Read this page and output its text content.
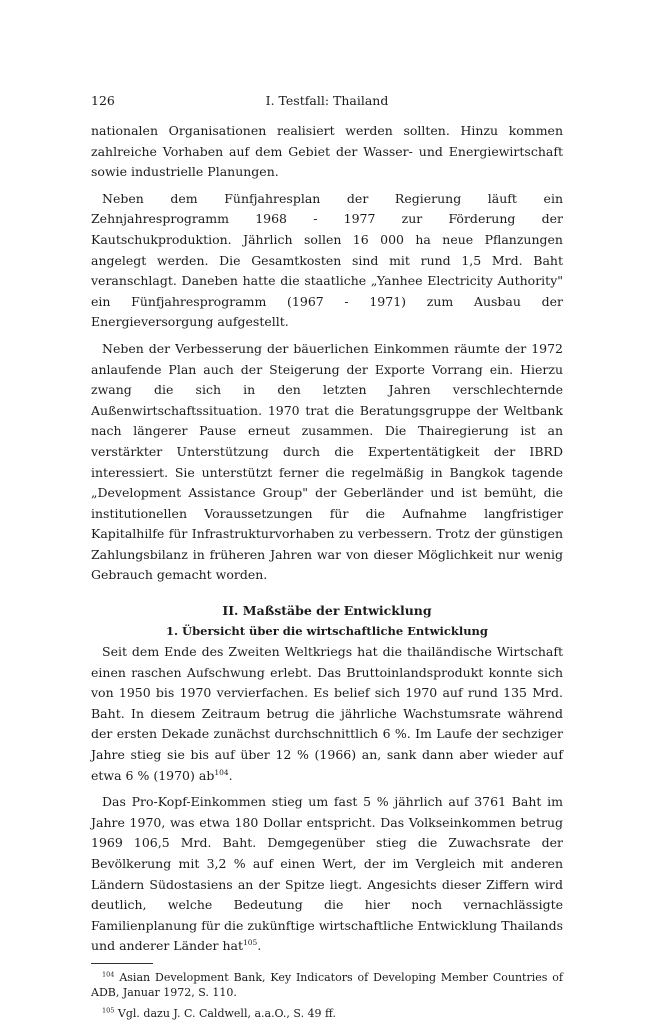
126	I. Testfall: Thailand

nationalen Organisationen realisiert werden sollten. Hinzu kommen zahlreiche Vorhaben auf dem Gebiet der Wasser- und Energiewirtschaft sowie industrielle Planungen.

Neben dem Fünfjahresplan der Regierung läuft ein Zehnjahresprogramm 1968 - 1977 zur Förderung der Kautschukproduktion. Jährlich sollen 16 000 ha neue Pflanzungen angelegt werden. Die Gesamtkosten sind mit rund 1,5 Mrd. Baht veranschlagt. Daneben hatte die staatliche „Yanhee Electricity Authority" ein Fünfjahresprogramm (1967 - 1971) zum Ausbau der Energieversorgung aufgestellt.

Neben der Verbesserung der bäuerlichen Einkommen räumte der 1972 anlaufende Plan auch der Steigerung der Exporte Vorrang ein. Hierzu zwang die sich in den letzten Jahren verschlechternde Außenwirtschaftssituation. 1970 trat die Beratungsgruppe der Weltbank nach längerer Pause erneut zusammen. Die Thairegierung ist an verstärkter Unterstützung durch die Expertentätigkeit der IBRD interessiert. Sie unterstützt ferner die regelmäßig in Bangkok tagende „Development Assistance Group" der Geberländer und ist bemüht, die institutionellen Voraussetzungen für die Aufnahme langfristiger Kapitalhilfe für Infrastrukturvorhaben zu verbessern. Trotz der günstigen Zahlungsbilanz in früheren Jahren war von dieser Möglichkeit nur wenig Gebrauch gemacht worden.

II. Maßstäbe der Entwicklung
1. Übersicht über die wirtschaftliche Entwicklung

Seit dem Ende des Zweiten Weltkriegs hat die thailändische Wirtschaft einen raschen Aufschwung erlebt. Das Bruttoinlandsprodukt konnte sich von 1950 bis 1970 vervierfachen. Es belief sich 1970 auf rund 135 Mrd. Baht. In diesem Zeitraum betrug die jährliche Wachstumsrate während der ersten Dekade zunächst durchschnittlich 6 %. Im Laufe der sechziger Jahre stieg sie bis auf über 12 % (1966) an, sank dann aber wieder auf etwa 6 % (1970) $ab^{104}$.

Das Pro-Kopf-Einkommen stieg um fast 5 % jährlich auf 3761 Baht im Jahre 1970, was etwa 180 Dollar entspricht. Das Volkseinkommen betrug 1969 106,5 Mrd. Baht. Demgegenüber stieg die Zuwachsrate der Bevölkerung mit 3,2 % auf einen Wert, der im Vergleich mit anderen Ländern Südostasiens an der Spitze liegt. Angesichts dieser Ziffern wird deutlich, welche Bedeutung die hier noch vernachlässigte Familienplanung für die zukünftige wirtschaftliche Entwicklung Thailands und anderer Länder hat$^{105}$.

$^{104}$ Asian Development Bank, Key Indicators of Developing Member Countries of ADB, Januar 1972, S. 110.

$^{105}$ Vgl. dazu J. C. Caldwell, a.a.O., S. 49 ff.
